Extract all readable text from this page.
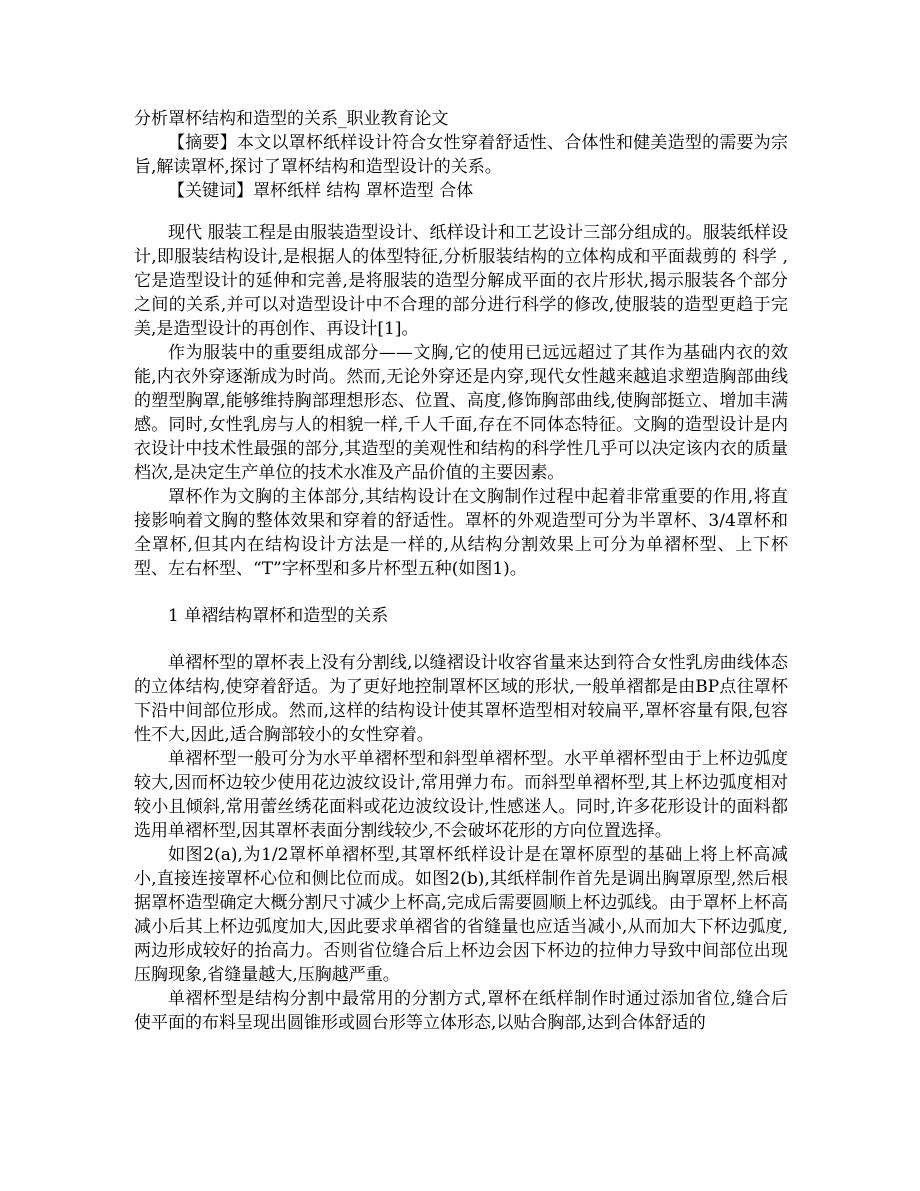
分析罩杯结构和造型的关系_职业教育论文

【摘要】本文以罩杯纸样设计符合女性穿着舒适性、合体性和健美造型的需要为宗旨,解读罩杯,探讨了罩杯结构和造型设计的关系。

【关键词】罩杯纸样 结构 罩杯造型 合体

现代 服装工程是由服装造型设计、纸样设计和工艺设计三部分组成的。服装纸样设计,即服装结构设计,是根据人的体型特征,分析服装结构的立体构成和平面裁剪的 科学 ,它是造型设计的延伸和完善,是将服装的造型分解成平面的衣片形状,揭示服装各个部分之间的关系,并可以对造型设计中不合理的部分进行科学的修改,使服装的造型更趋于完美,是造型设计的再创作、再设计[1]。

作为服装中的重要组成部分——文胸,它的使用已远远超过了其作为基础内衣的效能,内衣外穿逐渐成为时尚。然而,无论外穿还是内穿,现代女性越来越追求塑造胸部曲线的塑型胸罩,能够维持胸部理想形态、位置、高度,修饰胸部曲线,使胸部挺立、增加丰满感。同时,女性乳房与人的相貌一样,千人千面,存在不同体态特征。文胸的造型设计是内衣设计中技术性最强的部分,其造型的美观性和结构的科学性几乎可以决定该内衣的质量档次,是决定生产单位的技术水准及产品价值的主要因素。

罩杯作为文胸的主体部分,其结构设计在文胸制作过程中起着非常重要的作用,将直接影响着文胸的整体效果和穿着的舒适性。罩杯的外观造型可分为半罩杯、3/4罩杯和全罩杯,但其内在结构设计方法是一样的,从结构分割效果上可分为单褶杯型、上下杯型、左右杯型、“T”字杯型和多片杯型五种(如图1)。

1 单褶结构罩杯和造型的关系

单褶杯型的罩杯表上没有分割线,以缝褶设计收容省量来达到符合女性乳房曲线体态的立体结构,使穿着舒适。为了更好地控制罩杯区域的形状,一般单褶都是由BP点往罩杯下沿中间部位形成。然而,这样的结构设计使其罩杯造型相对较扁平,罩杯容量有限,包容性不大,因此,适合胸部较小的女性穿着。

单褶杯型一般可分为水平单褶杯型和斜型单褶杯型。水平单褶杯型由于上杯边弧度较大,因而杯边较少使用花边波纹设计,常用弹力布。而斜型单褶杯型,其上杯边弧度相对较小且倾斜,常用蕾丝绣花面料或花边波纹设计,性感迷人。同时,许多花形设计的面料都选用单褶杯型,因其罩杯表面分割线较少,不会破坏花形的方向位置选择。

如图2(a),为1/2罩杯单褶杯型,其罩杯纸样设计是在罩杯原型的基础上将上杯高减小,直接连接罩杯心位和侧比位而成。如图2(b),其纸样制作首先是调出胸罩原型,然后根据罩杯造型确定大概分割尺寸减少上杯高,完成后需要圆顺上杯边弧线。由于罩杯上杯高减小后其上杯边弧度加大,因此要求单褶省的省缝量也应适当减小,从而加大下杯边弧度,两边形成较好的抬高力。否则省位缝合后上杯边会因下杯边的拉伸力导致中间部位出现压胸现象,省缝量越大,压胸越严重。

单褶杯型是结构分割中最常用的分割方式,罩杯在纸样制作时通过添加省位,缝合后使平面的布料呈现出圆锥形或圆台形等立体形态,以贴合胸部,达到合体舒适的
